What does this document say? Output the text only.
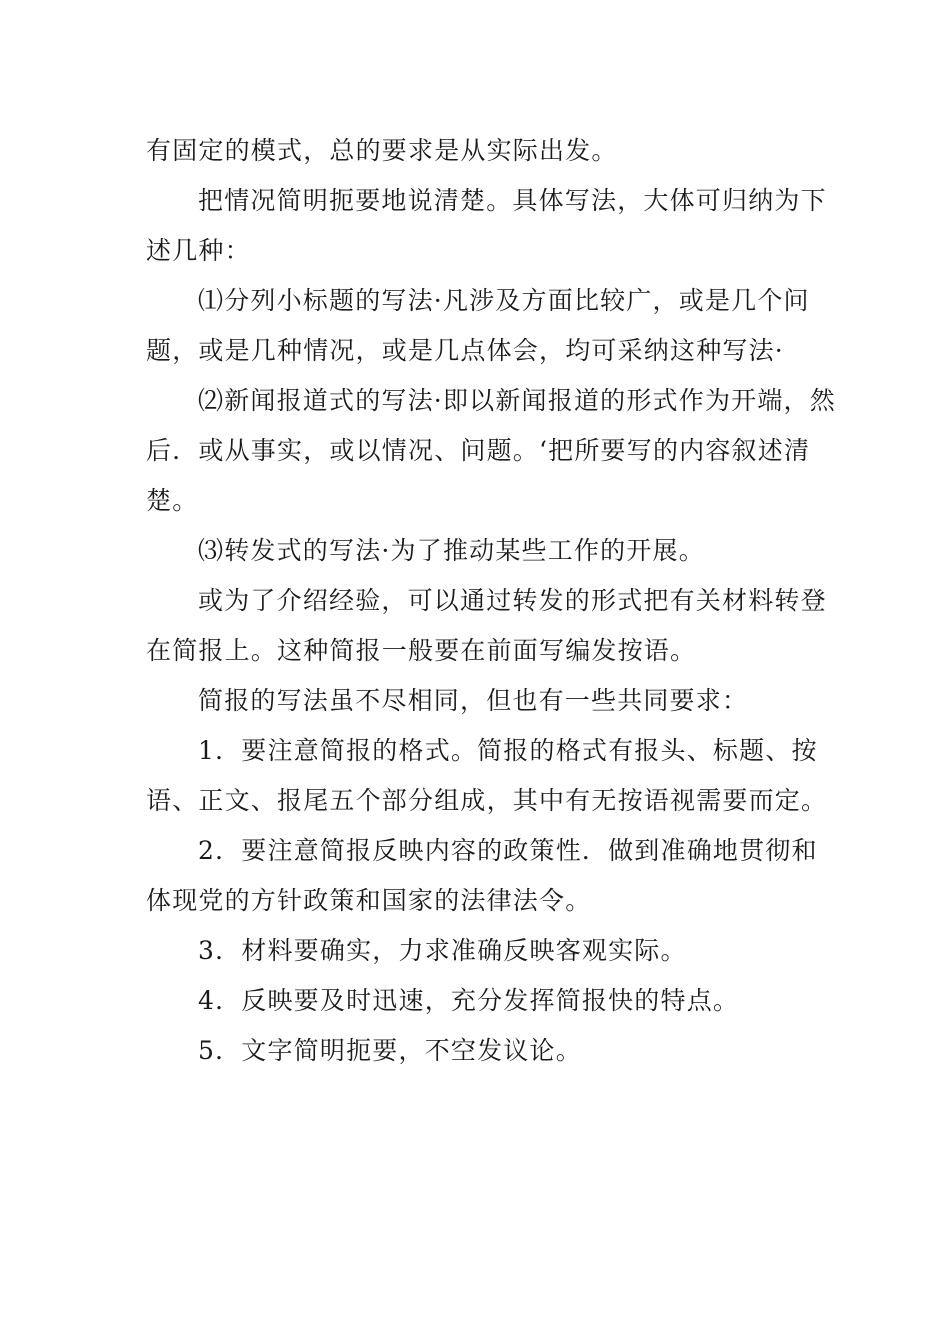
有固定的模式，总的要求是从实际出发。

把情况简明扼要地说清楚。具体写法，大体可归纳为下述几种：

⑴分列小标题的写法·凡涉及方面比较广，或是几个问题，或是几种情况，或是几点体会，均可采纳这种写法·

⑵新闻报道式的写法·即以新闻报道的形式作为开端，然后．或从事实，或以情况、问题。‘把所要写的内容叙述清楚。

⑶转发式的写法·为了推动某些工作的开展。

或为了介绍经验，可以通过转发的形式把有关材料转登在简报上。这种简报一般要在前面写编发按语。

简报的写法虽不尽相同，但也有一些共同要求：

1．要注意简报的格式。简报的格式有报头、标题、按语、正文、报尾五个部分组成，其中有无按语视需要而定。

2．要注意简报反映内容的政策性．做到准确地贯彻和体现党的方针政策和国家的法律法令。

3．材料要确实，力求准确反映客观实际。

4．反映要及时迅速，充分发挥简报快的特点。

5．文字简明扼要，不空发议论。
